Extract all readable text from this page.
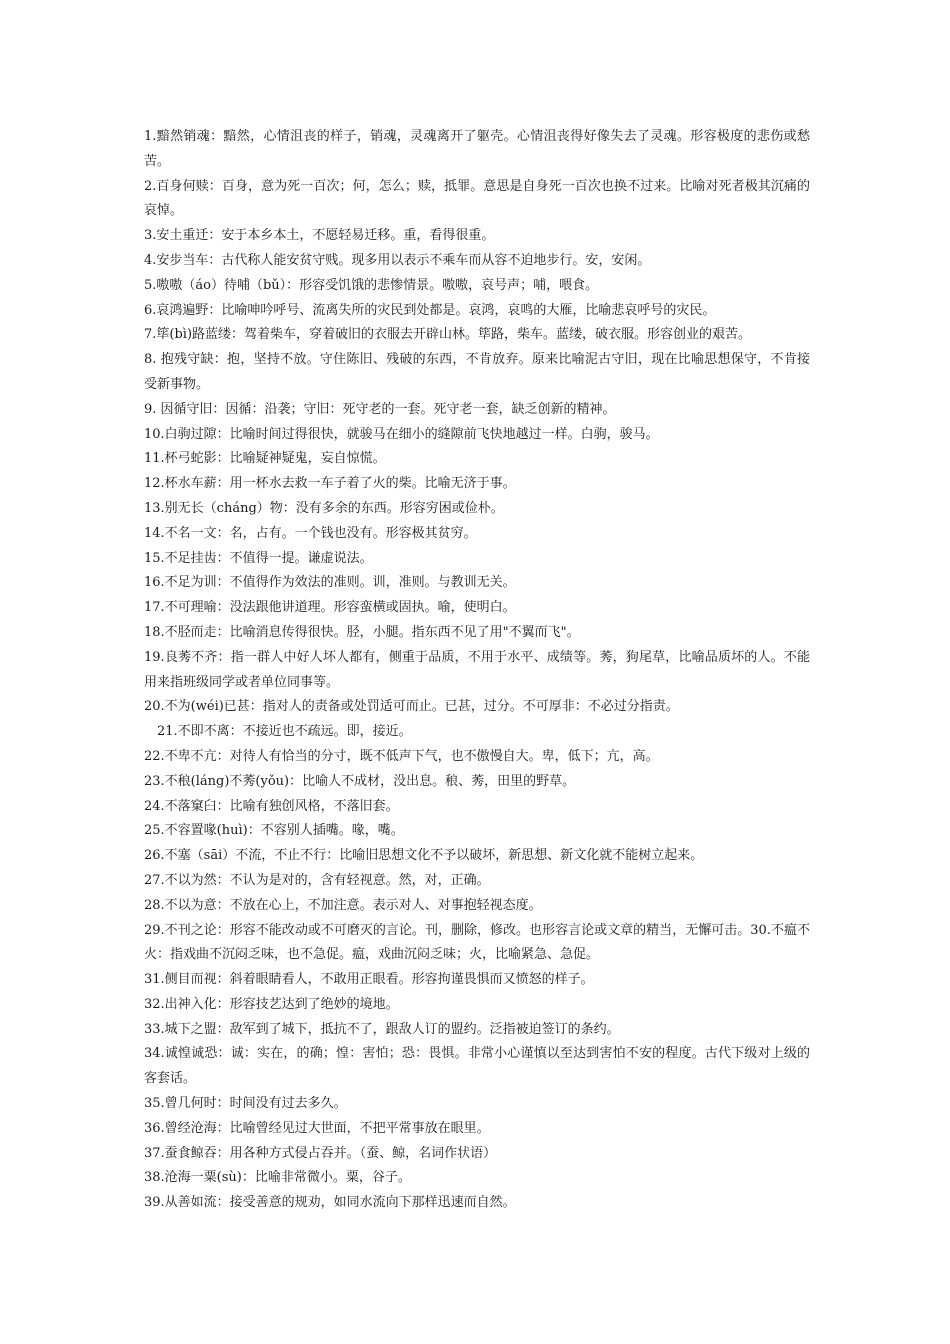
1.黯然销魂：黯然，心情沮丧的样子，销魂，灵魂离开了躯壳。心情沮丧得好像失去了灵魂。形容极度的悲伤或愁苦。

2.百身何赎：百身，意为死一百次；何，怎么；赎，抵罪。意思是自身死一百次也换不过来。比喻对死者极其沉痛的哀悼。

3.安土重迁：安于本乡本土，不愿轻易迁移。重，看得很重。

4.安步当车：古代称人能安贫守贱。现多用以表示不乘车而从容不迫地步行。安，安闲。

5.嗷嗷（áo）待哺（bǔ）：形容受饥饿的悲惨情景。嗷嗷，哀号声；哺，喂食。

6.哀鸿遍野：比喻呻吟呼号、流离失所的灾民到处都是。哀鸿，哀鸣的大雁，比喻悲哀呼号的灾民。

7.筚(bì)路蓝缕：驾着柴车，穿着破旧的衣服去开辟山林。筚路，柴车。蓝缕，破衣服。形容创业的艰苦。

8. 抱残守缺：抱，坚持不放。守住陈旧、残破的东西，不肯放弃。原来比喻泥古守旧，现在比喻思想保守，不肯接受新事物。

9. 因循守旧：因循：沿袭；守旧：死守老的一套。死守老一套，缺乏创新的精神。

10.白驹过隙：比喻时间过得很快，就骏马在细小的缝隙前飞快地越过一样。白驹，骏马。

11.杯弓蛇影：比喻疑神疑鬼，妄自惊慌。

12.杯水车薪：用一杯水去救一车子着了火的柴。比喻无济于事。

13.别无长（cháng）物：没有多余的东西。形容穷困或俭朴。

14.不名一文：名，占有。一个钱也没有。形容极其贫穷。

15.不足挂齿：不值得一提。谦虚说法。

16.不足为训：不值得作为效法的准则。训，准则。与教训无关。

17.不可理喻：没法跟他讲道理。形容蛮横或固执。喻，使明白。

18.不胫而走：比喻消息传得很快。胫，小腿。指东西不见了用"不翼而飞"。

19.良莠不齐：指一群人中好人坏人都有，侧重于品质，不用于水平、成绩等。莠，狗尾草，比喻品质坏的人。不能用来指班级同学或者单位同事等。

20.不为(wéi)已甚：指对人的责备或处罚适可而止。已甚，过分。不可厚非：不必过分指责。

21.不即不离：不接近也不疏远。即，接近。

22.不卑不亢：对待人有恰当的分寸，既不低声下气，也不傲慢自大。卑，低下；亢，高。

23.不稂(láng)不莠(yǒu)：比喻人不成材，没出息。稂、莠，田里的野草。

24.不落窠臼：比喻有独创风格，不落旧套。

25.不容置喙(huì)：不容别人插嘴。喙，嘴。

26.不塞（sāi）不流，不止不行：比喻旧思想文化不予以破坏，新思想、新文化就不能树立起来。

27.不以为然：不认为是对的，含有轻视意。然，对，正确。

28.不以为意：不放在心上，不加注意。表示对人、对事抱轻视态度。

29.不刊之论：形容不能改动或不可磨灭的言论。刊，删除，修改。也形容言论或文章的精当，无懈可击。30.不瘟不火：指戏曲不沉闷乏味，也不急促。瘟，戏曲沉闷乏味；火，比喻紧急、急促。

31.侧目而视：斜着眼睛看人，不敢用正眼看。形容拘谨畏惧而又愤怒的样子。

32.出神入化：形容技艺达到了绝妙的境地。

33.城下之盟：敌军到了城下，抵抗不了，跟敌人订的盟约。泛指被迫签订的条约。

34.诚惶诚恐：诚：实在，的确；惶：害怕；恐：畏惧。非常小心谨慎以至达到害怕不安的程度。古代下级对上级的客套话。

35.曾几何时：时间没有过去多久。

36.曾经沧海：比喻曾经见过大世面，不把平常事放在眼里。

37.蚕食鲸吞：用各种方式侵占吞并。（蚕、鲸，名词作状语）

38.沧海一粟(sù)：比喻非常微小。粟，谷子。

39.从善如流：接受善意的规劝，如同水流向下那样迅速而自然。
